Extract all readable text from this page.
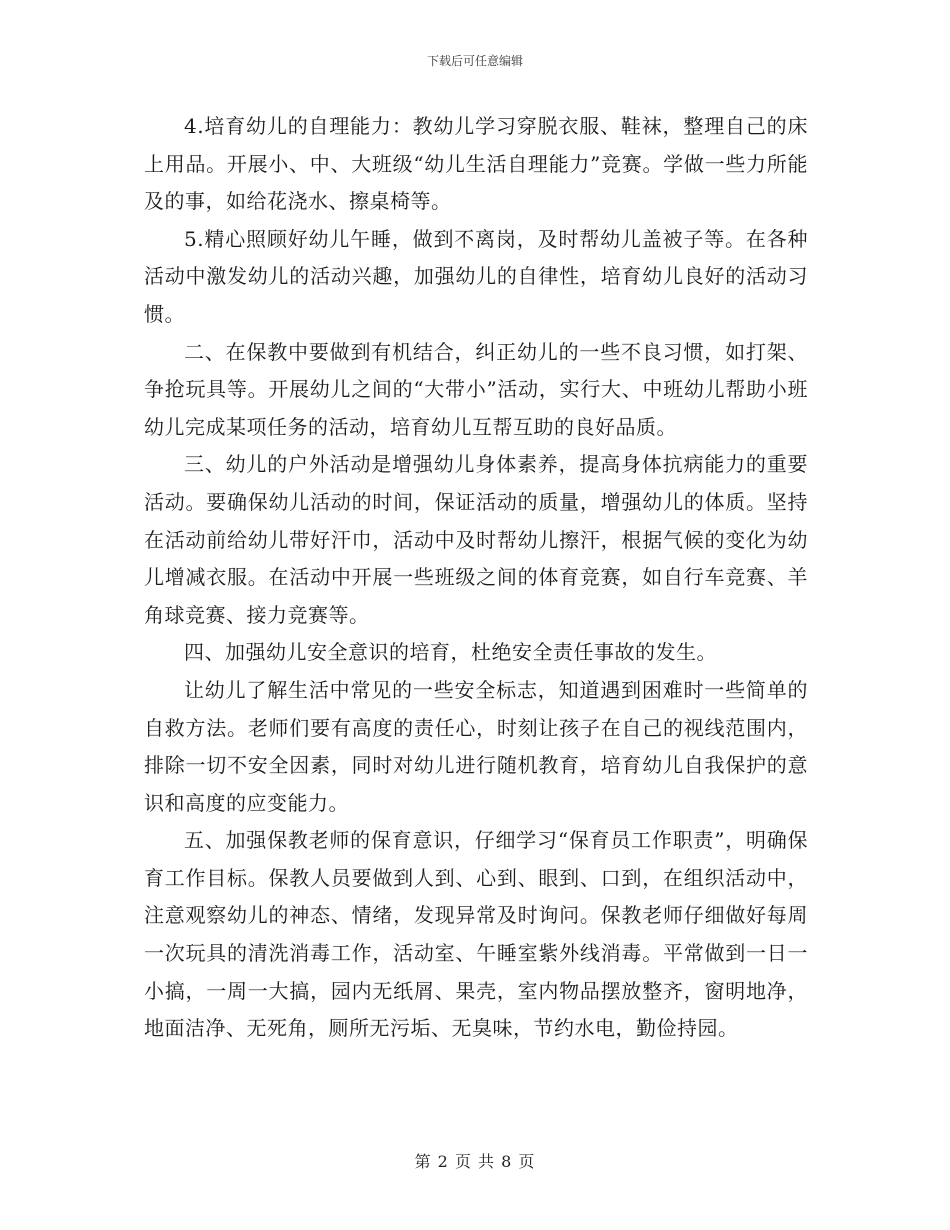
下载后可任意编辑

4.培育幼儿的自理能力：教幼儿学习穿脱衣服、鞋袜，整理自己的床上用品。开展小、中、大班级“幼儿生活自理能力”竞赛。学做一些力所能及的事，如给花浇水、擦桌椅等。

5.精心照顾好幼儿午睡，做到不离岗，及时帮幼儿盖被子等。在各种活动中激发幼儿的活动兴趣，加强幼儿的自律性，培育幼儿良好的活动习惯。

二、在保教中要做到有机结合，纠正幼儿的一些不良习惯，如打架、争抢玩具等。开展幼儿之间的“大带小”活动，实行大、中班幼儿帮助小班幼儿完成某项任务的活动，培育幼儿互帮互助的良好品质。

三、幼儿的户外活动是增强幼儿身体素养，提高身体抗病能力的重要活动。要确保幼儿活动的时间，保证活动的质量，增强幼儿的体质。坚持在活动前给幼儿带好汗巾，活动中及时帮幼儿擦汗，根据气候的变化为幼儿增减衣服。在活动中开展一些班级之间的体育竞赛，如自行车竞赛、羊角球竞赛、接力竞赛等。

四、加强幼儿安全意识的培育，杜绝安全责任事故的发生。

让幼儿了解生活中常见的一些安全标志，知道遇到困难时一些简单的自救方法。老师们要有高度的责任心，时刻让孩子在自己的视线范围内，排除一切不安全因素，同时对幼儿进行随机教育，培育幼儿自我保护的意识和高度的应变能力。

五、加强保教老师的保育意识，仔细学习“保育员工作职责”，明确保育工作目标。保教人员要做到人到、心到、眼到、口到，在组织活动中，注意观察幼儿的神态、情绪，发现异常及时询问。保教老师仔细做好每周一次玩具的清洗消毒工作，活动室、午睡室紫外线消毒。平常做到一日一小搞，一周一大搞，园内无纸屑、果壳，室内物品摆放整齐，窗明地净，地面洁净、无死角，厕所无污垢、无臭味，节约水电，勤俭持园。

第 2 页 共 8 页
